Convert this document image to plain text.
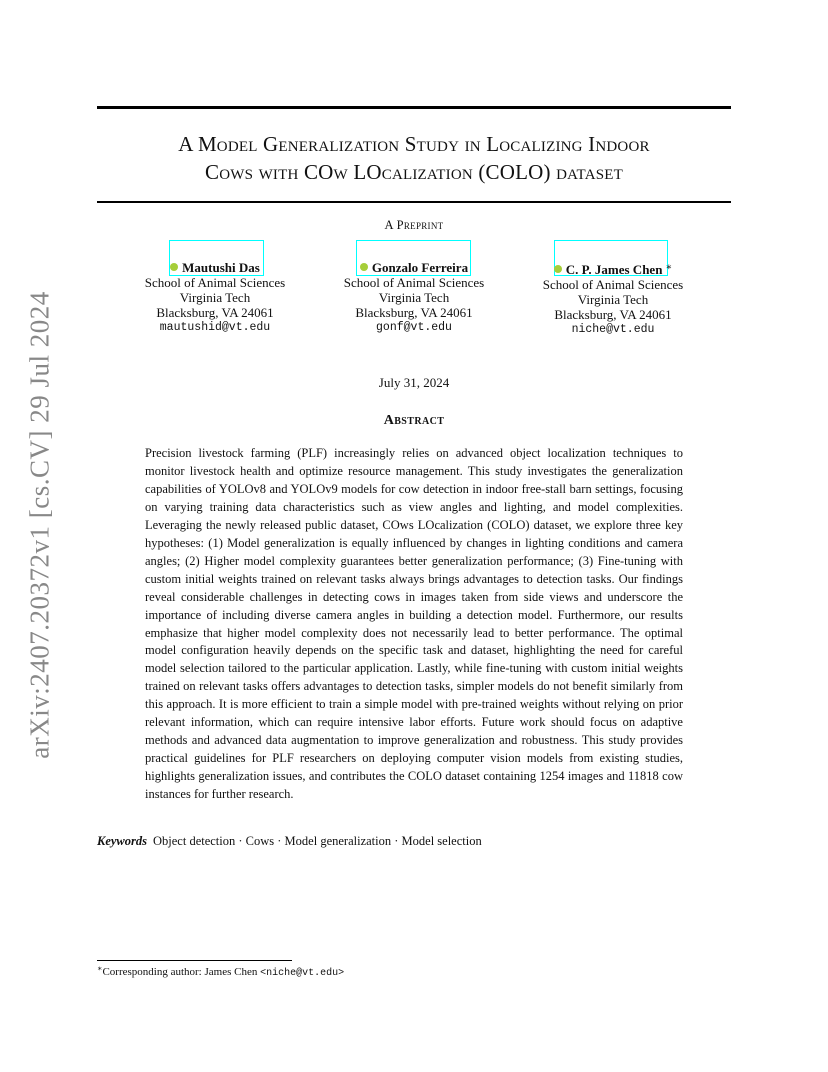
arXiv:2407.20372v1 [cs.CV] 29 Jul 2024
A Model Generalization Study in Localizing Indoor
Cows with COw LOcalization (COLO) dataset
A Preprint
Mautushi Das
School of Animal Sciences
Virginia Tech
Blacksburg, VA 24061
mautushid@vt.edu
Gonzalo Ferreira
School of Animal Sciences
Virginia Tech
Blacksburg, VA 24061
gonf@vt.edu
C. P. James Chen ∗
School of Animal Sciences
Virginia Tech
Blacksburg, VA 24061
niche@vt.edu
July 31, 2024
Abstract
Precision livestock farming (PLF) increasingly relies on advanced object localization techniques to monitor livestock health and optimize resource management. This study investigates the generalization capabilities of YOLOv8 and YOLOv9 models for cow detection in indoor free-stall barn settings, focusing on varying training data characteristics such as view angles and lighting, and model complexities. Leveraging the newly released public dataset, COws LOcalization (COLO) dataset, we explore three key hypotheses: (1) Model generalization is equally influenced by changes in lighting conditions and camera angles; (2) Higher model complexity guarantees better generalization performance; (3) Fine-tuning with custom initial weights trained on relevant tasks always brings advantages to detection tasks. Our findings reveal considerable challenges in detecting cows in images taken from side views and underscore the importance of including diverse camera angles in building a detection model. Furthermore, our results emphasize that higher model complexity does not necessarily lead to better performance. The optimal model configuration heavily depends on the specific task and dataset, highlighting the need for careful model selection tailored to the particular application. Lastly, while fine-tuning with custom initial weights trained on relevant tasks offers advantages to detection tasks, simpler models do not benefit similarly from this approach. It is more efficient to train a simple model with pre-trained weights without relying on prior relevant information, which can require intensive labor efforts. Future work should focus on adaptive methods and advanced data augmentation to improve generalization and robustness. This study provides practical guidelines for PLF researchers on deploying computer vision models from existing studies, highlights generalization issues, and contributes the COLO dataset containing 1254 images and 11818 cow instances for further research.
Keywords Object detection · Cows · Model generalization · Model selection
∗Corresponding author: James Chen <niche@vt.edu>
